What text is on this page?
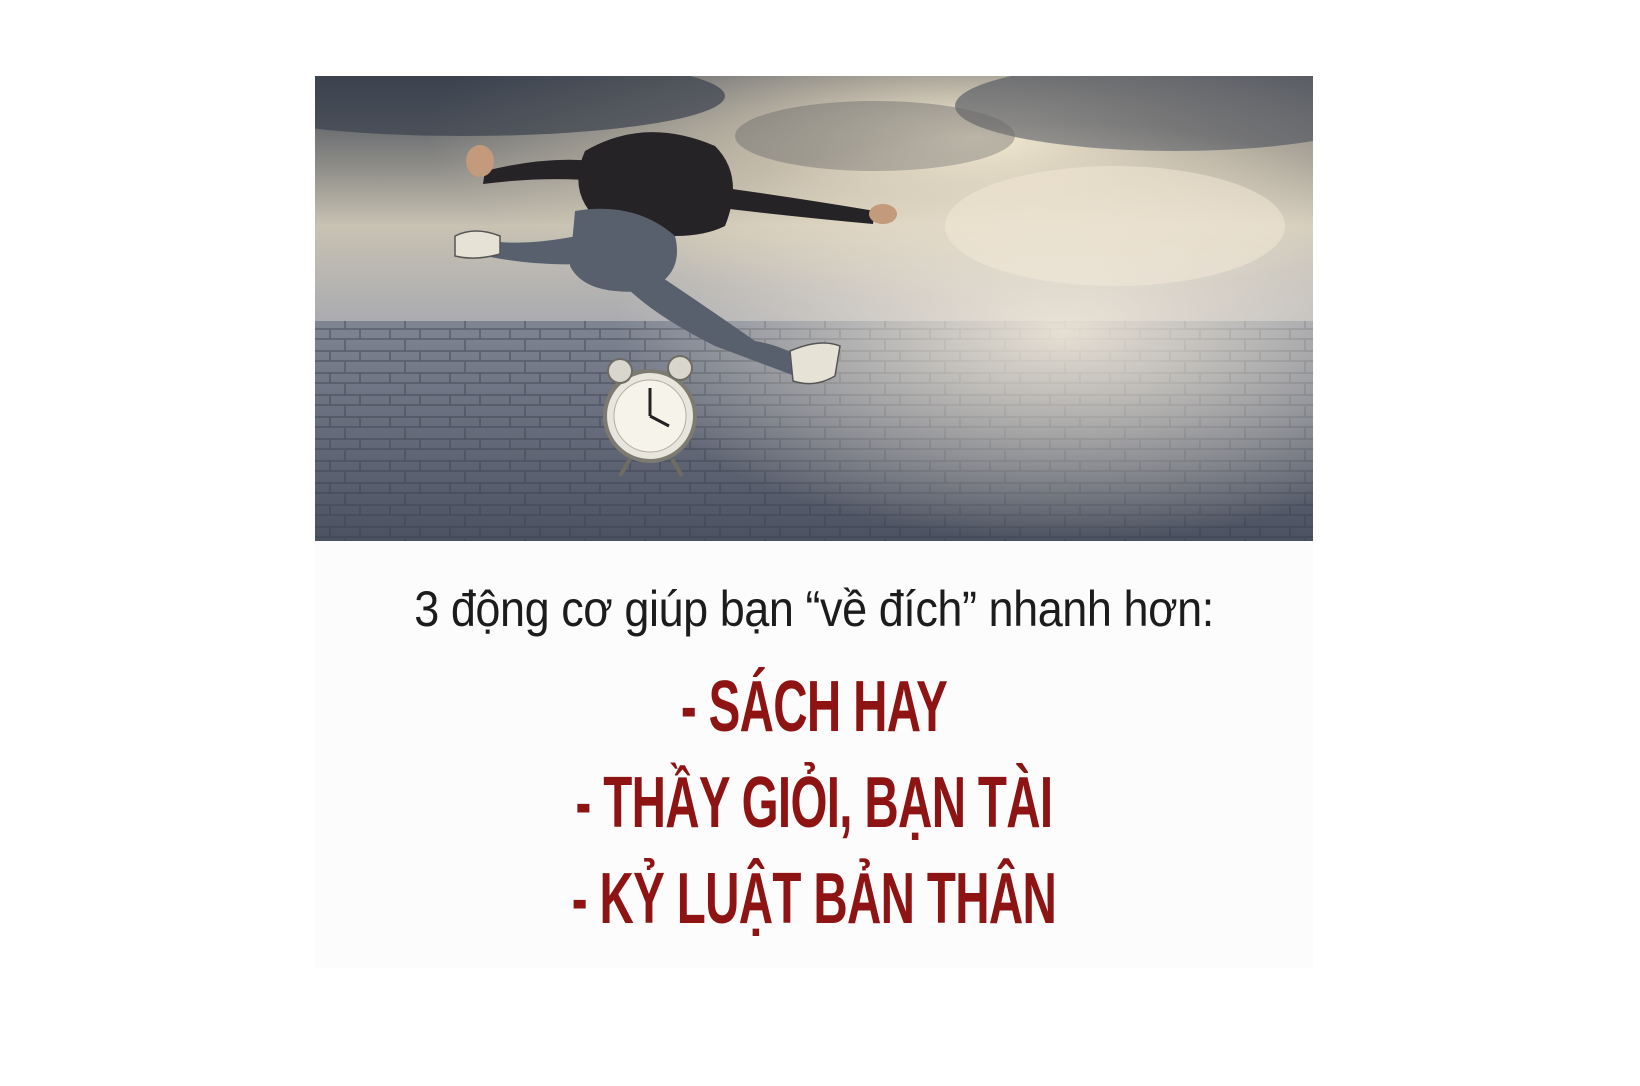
3 động cơ giúp bạn “về đích” nhanh hơn:
- SÁCH HAY
- THẦY GIỎI, BẠN TÀI
- KỶ LUẬT BẢN THÂN
